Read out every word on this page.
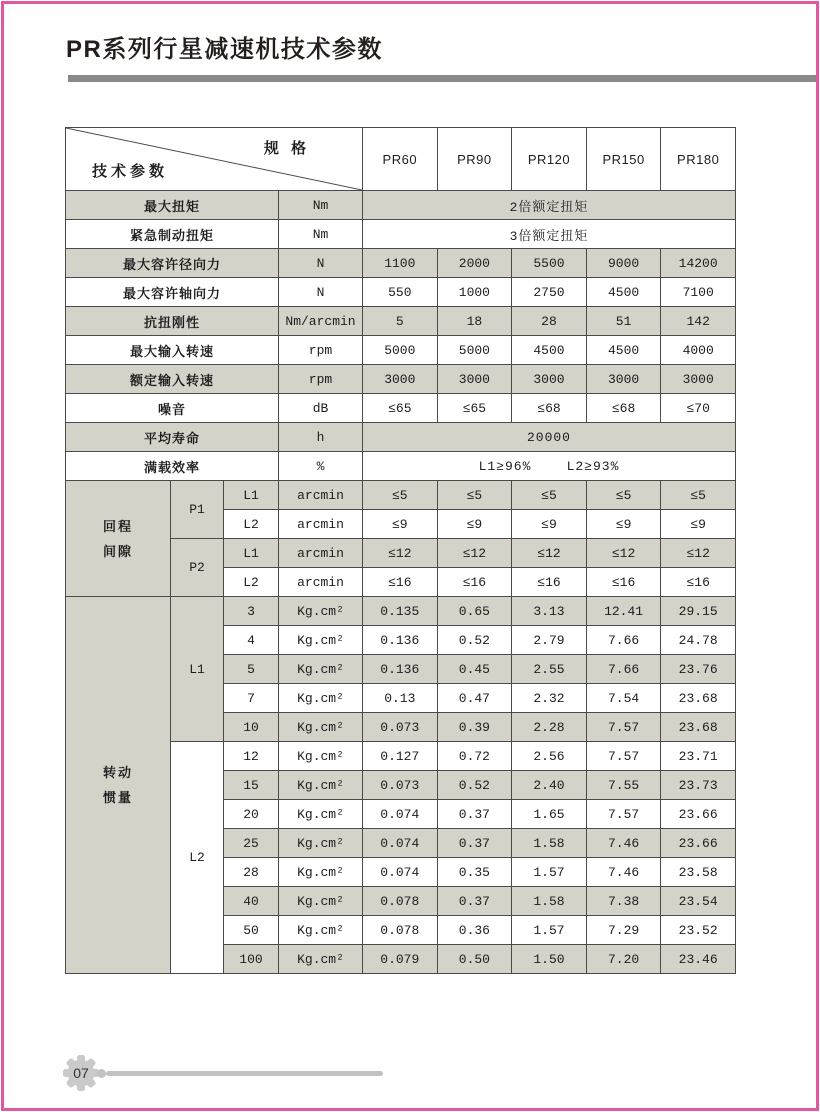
PR系列行星减速机技术参数
规 格
技术参数				PR60	PR90	PR120	PR150	PR180
最大扭矩			Nm	2倍额定扭矩				
紧急制动扭矩			Nm	3倍额定扭矩				
最大容许径向力			N	1100	2000	5500	9000	14200
最大容许轴向力			N	550	1000	2750	4500	7100
抗扭刚性			Nm/arcmin	5	18	28	51	142
最大输入转速			rpm	5000	5000	4500	4500	4000
额定输入转速			rpm	3000	3000	3000	3000	3000
噪音			dB	≤65	≤65	≤68	≤68	≤70
平均寿命			h	20000				
满载效率			%	L1≥96%    L2≥93%				

回程
间隙	P1	L1	arcmin	≤5	≤5	≤5	≤5	≤5
		L2	arcmin	≤9	≤9	≤9	≤9	≤9
	P2	L1	arcmin	≤12	≤12	≤12	≤12	≤12
		L2	arcmin	≤16	≤16	≤16	≤16	≤16

转动
惯量	L1	3	Kg.cm²	0.135	0.65	3.13	12.41	29.15
		4	Kg.cm²	0.136	0.52	2.79	7.66	24.78
		5	Kg.cm²	0.136	0.45	2.55	7.66	23.76
		7	Kg.cm²	0.13	0.47	2.32	7.54	23.68
		10	Kg.cm²	0.073	0.39	2.28	7.57	23.68
	L2	12	Kg.cm²	0.127	0.72	2.56	7.57	23.71
		15	Kg.cm²	0.073	0.52	2.40	7.55	23.73
		20	Kg.cm²	0.074	0.37	1.65	7.57	23.66
		25	Kg.cm²	0.074	0.37	1.58	7.46	23.66
		28	Kg.cm²	0.074	0.35	1.57	7.46	23.58
		40	Kg.cm²	0.078	0.37	1.58	7.38	23.54
		50	Kg.cm²	0.078	0.36	1.57	7.29	23.52
		100	Kg.cm²	0.079	0.50	1.50	7.20	23.46
07
